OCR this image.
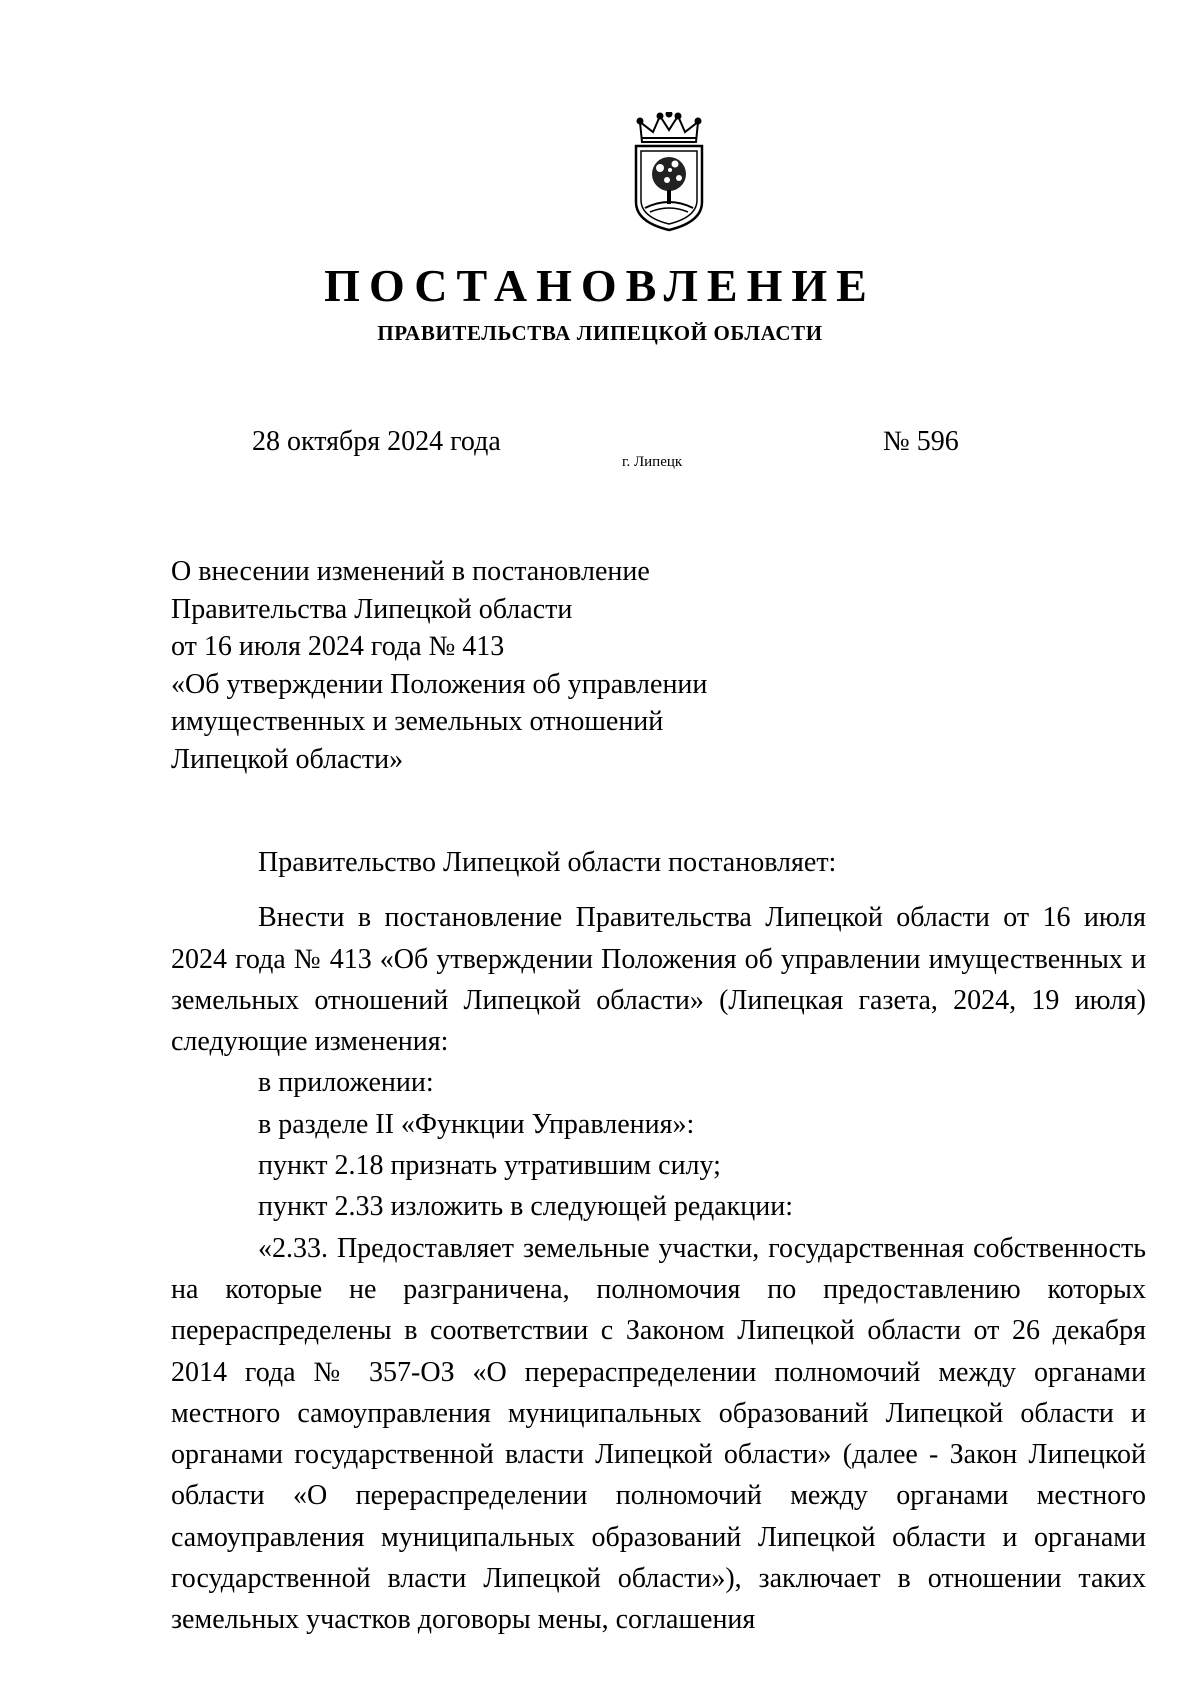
ПОСТАНОВЛЕНИЕ
ПРАВИТЕЛЬСТВА ЛИПЕЦКОЙ ОБЛАСТИ
28 октября 2024 года
г. Липецк
№ 596
О внесении изменений в постановление
Правительства Липецкой области
от 16 июля 2024 года № 413
«Об утверждении Положения об управлении
имущественных и земельных отношений
Липецкой области»

Правительство Липецкой области постановляет:

Внести в постановление Правительства Липецкой области от 16 июля 2024 года № 413 «Об утверждении Положения об управлении имущественных и земельных отношений Липецкой области» (Липецкая газета, 2024, 19 июля) следующие изменения:

в приложении:

в разделе II «Функции Управления»:

пункт 2.18 признать утратившим силу;

пункт 2.33 изложить в следующей редакции:

«2.33. Предоставляет земельные участки, государственная собственность на которые не разграничена, полномочия по предоставлению которых перераспределены в соответствии с Законом Липецкой области от 26 декабря 2014 года № 357-ОЗ «О перераспределении полномочий между органами местного самоуправления муниципальных образований Липецкой области и органами государственной власти Липецкой области» (далее - Закон Липецкой области «О перераспределении полномочий между органами местного самоуправления муниципальных образований Липецкой области и органами государственной власти Липецкой области»), заключает в отношении таких земельных участков договоры мены, соглашения
